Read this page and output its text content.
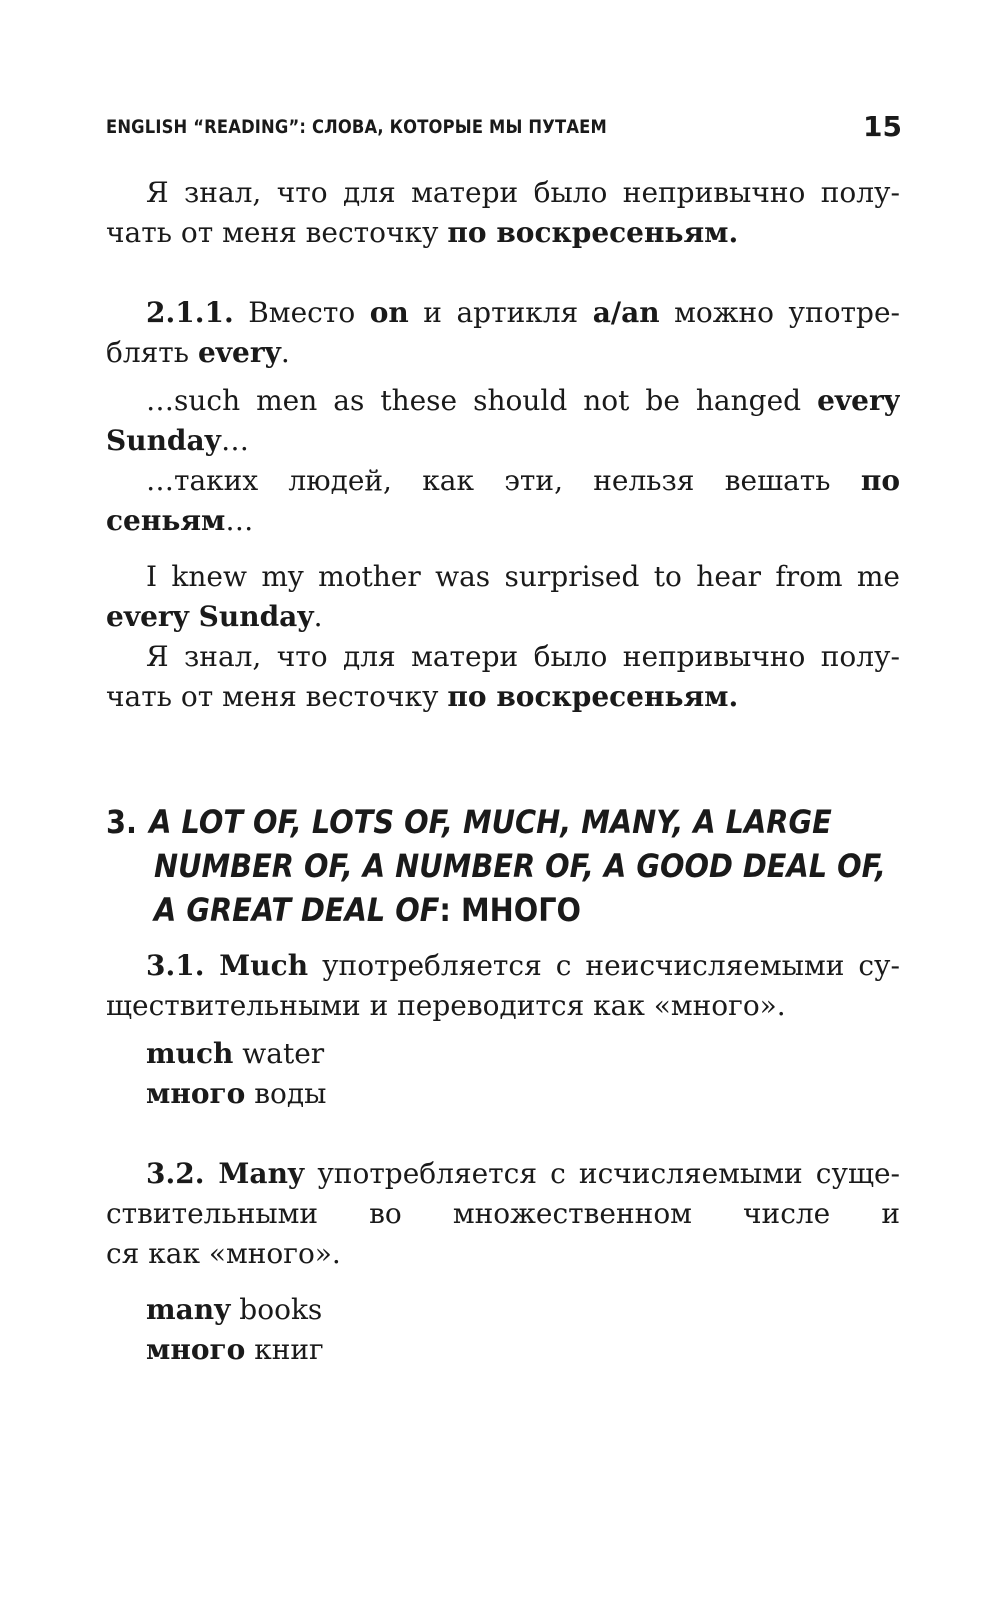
ENGLISH “READING”: СЛОВА, КОТОРЫЕ МЫ ПУТАЕМ	15
Я знал, что для матери было непривычно полу-
чать от меня весточку по воскресеньям.
2.1.1. Вместо on и артикля a/an можно употре-
блять every.
…such men as these should not be hanged every
Sunday…
…таких людей, как эти, нельзя вешать по
сеньям…
I knew my mother was surprised to hear from me
every Sunday.
Я знал, что для матери было непривычно полу-
чать от меня весточку по воскресеньям.
3. A LOT OF, LOTS OF, MUCH, MANY, A LARGE
NUMBER OF, A NUMBER OF, A GOOD DEAL OF,
A GREAT DEAL OF: МНОГО
3.1. Much употребляется с неисчисляемыми су-
ществительными и переводится как «много».
much water
много воды
3.2. Many употребляется с исчисляемыми суще-
ствительными во множественном числе и
ся как «много».
many books
много книг
